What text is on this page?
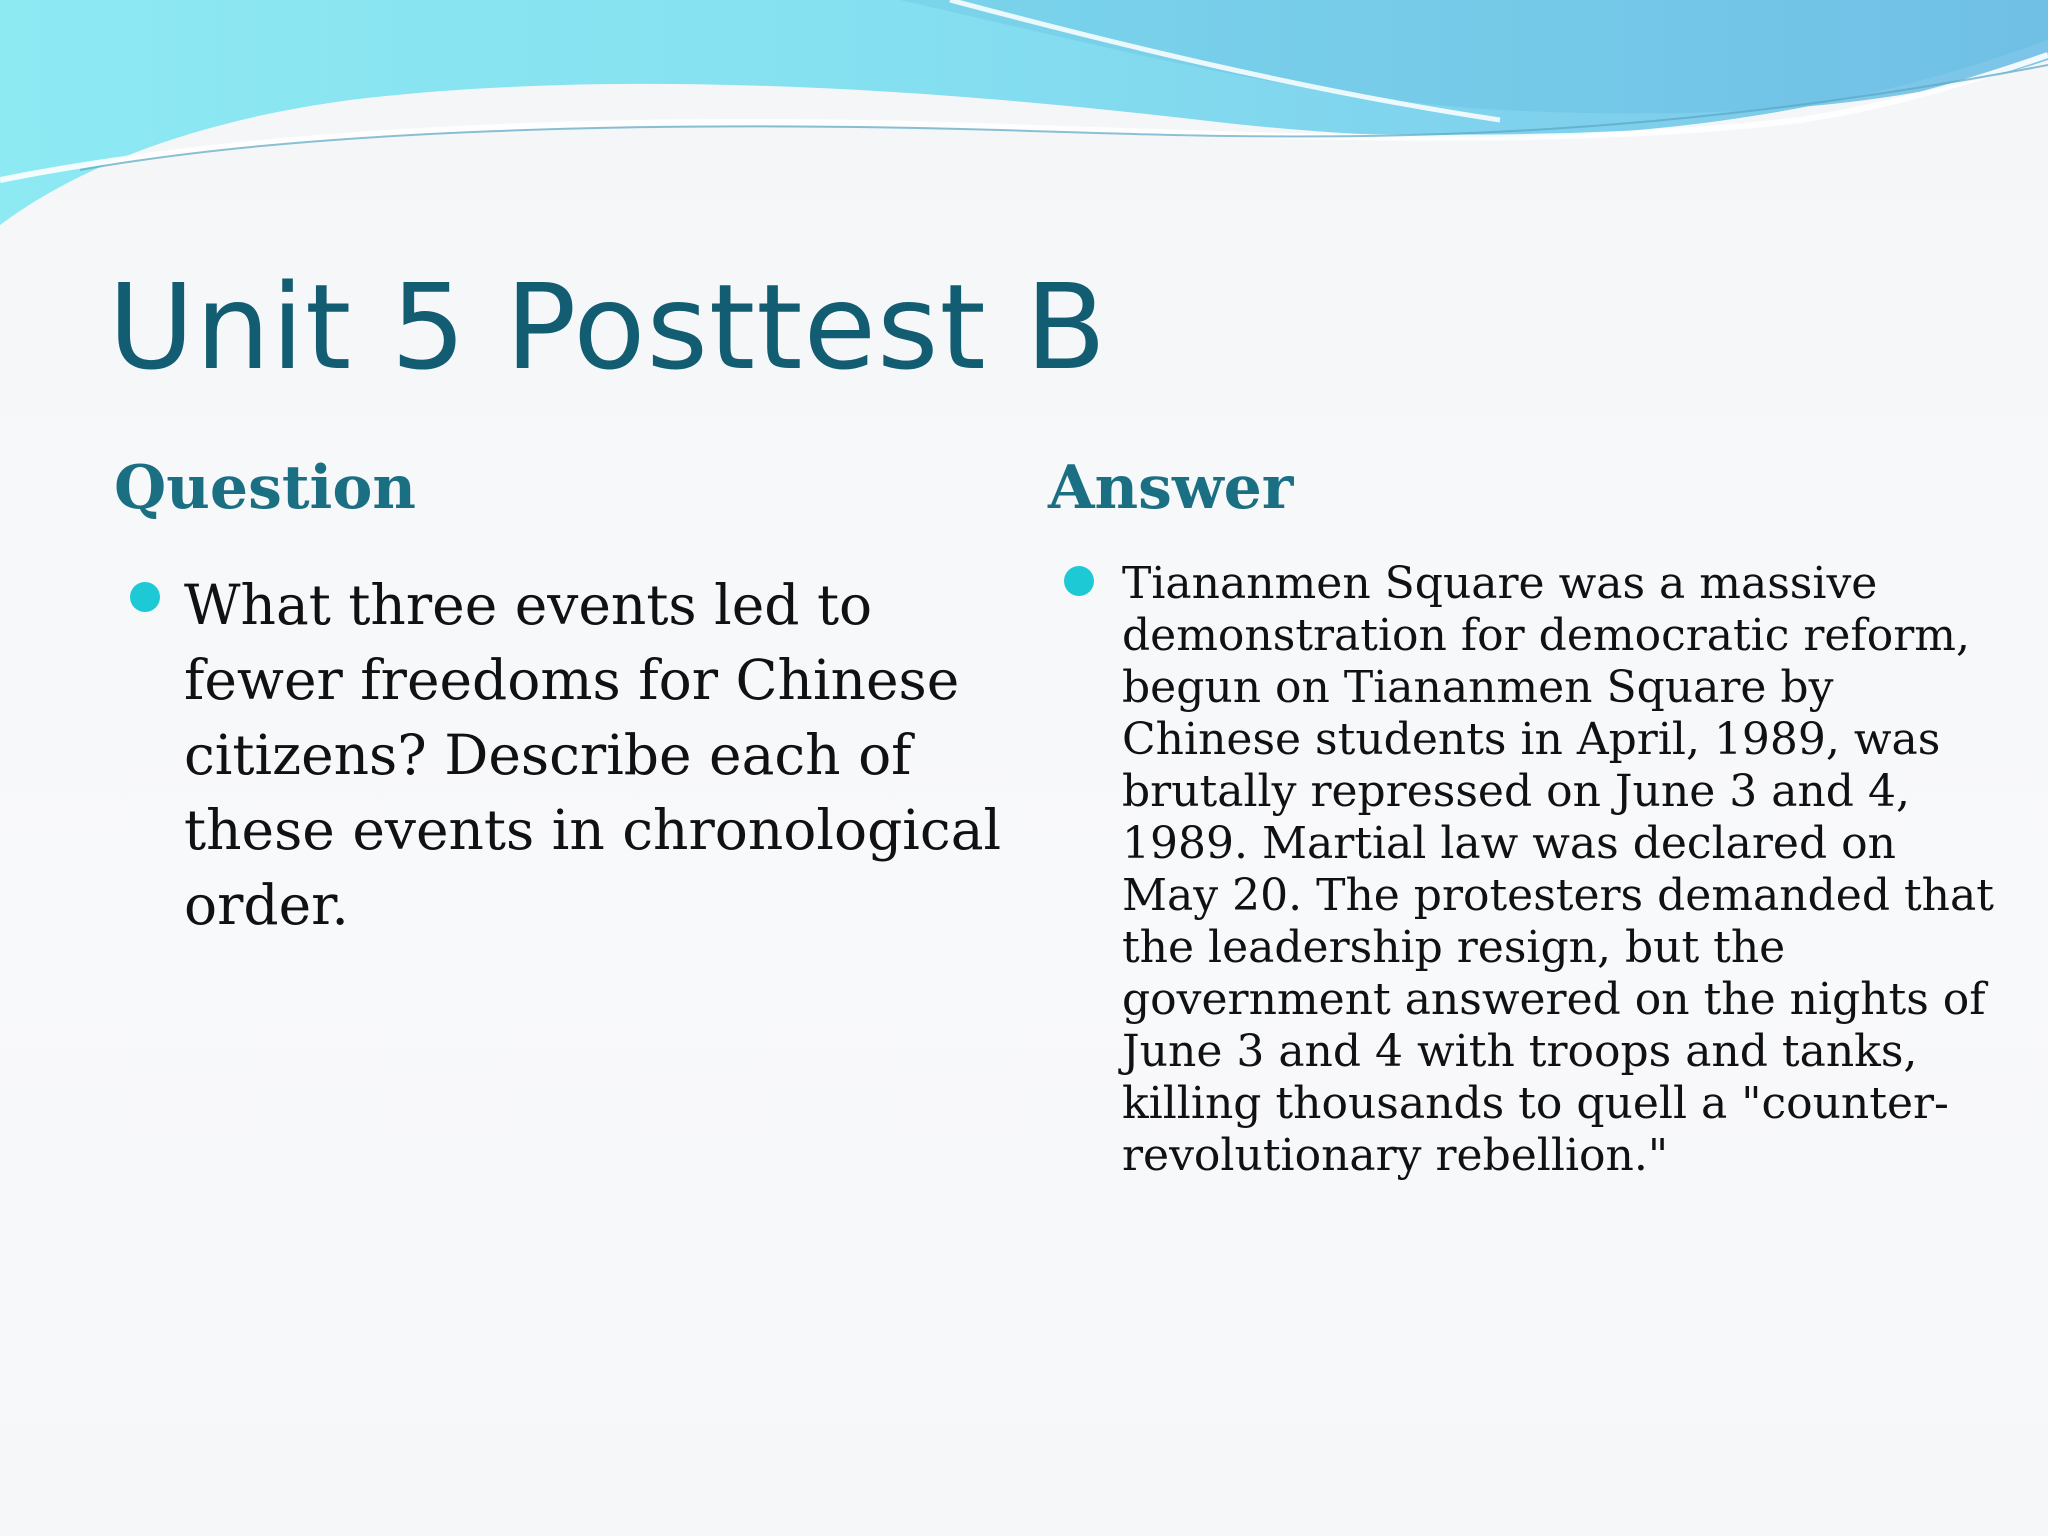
Unit 5 Posttest B
Question	Answer

What three events led to fewer freedoms for Chinese citizens? Describe each of these events in chronological order.

Tiananmen Square was a massive demonstration for democratic reform, begun on Tiananmen Square by Chinese students in April, 1989, was brutally repressed on June 3 and 4, 1989. Martial law was declared on May 20. The protesters demanded that the leadership resign, but the government answered on the nights of June 3 and 4 with troops and tanks, killing thousands to quell a "counter-revolutionary rebellion."
